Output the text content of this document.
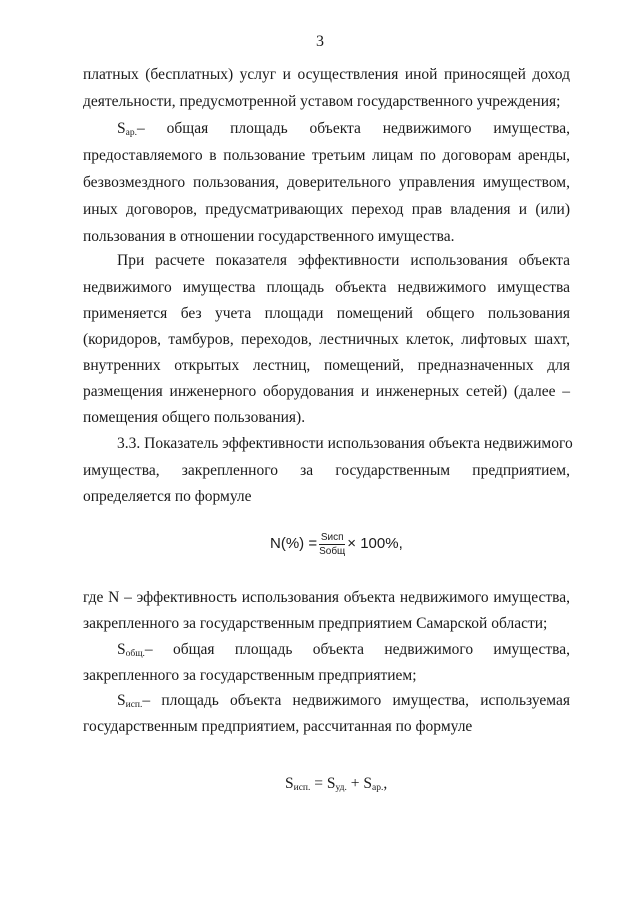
3
платных (бесплатных) услуг и осуществления иной приносящей доход
деятельности, предусмотренной уставом государственного учреждения;
$S_{ар.}-$ общая площадь объекта недвижимого имущества,
предоставляемого в пользование третьим лицам по договорам аренды,
безвозмездного пользования, доверительного управления имуществом,
иных договоров, предусматривающих переход прав владения и (или)
пользования в отношении государственного имущества.
При расчете показателя эффективности использования объекта
недвижимого имущества площадь объекта недвижимого имущества
применяется без учета площади помещений общего пользования
(коридоров, тамбуров, переходов, лестничных клеток, лифтовых шахт,
внутренних открытых лестниц, помещений, предназначенных для
размещения инженерного оборудования и инженерных сетей) (далее –
помещения общего пользования).
3.3. Показатель эффективности использования объекта недвижимого
имущества, закрепленного за государственным предприятием,
определяется по формуле
$N(\%) = \frac{\text{Sисп}}{\text{Sобщ}} \times 100\%$,
где N – эффективность использования объекта недвижимого имущества,
закрепленного за государственным предприятием Самарской области;
$S_{общ.}-$ общая площадь объекта недвижимого имущества,
закрепленного за государственным предприятием;
$S_{исп.}-$ площадь объекта недвижимого имущества, используемая
государственным предприятием, рассчитанная по формуле
$S_{исп.} = S_{уд.} + S_{ар.}$,
